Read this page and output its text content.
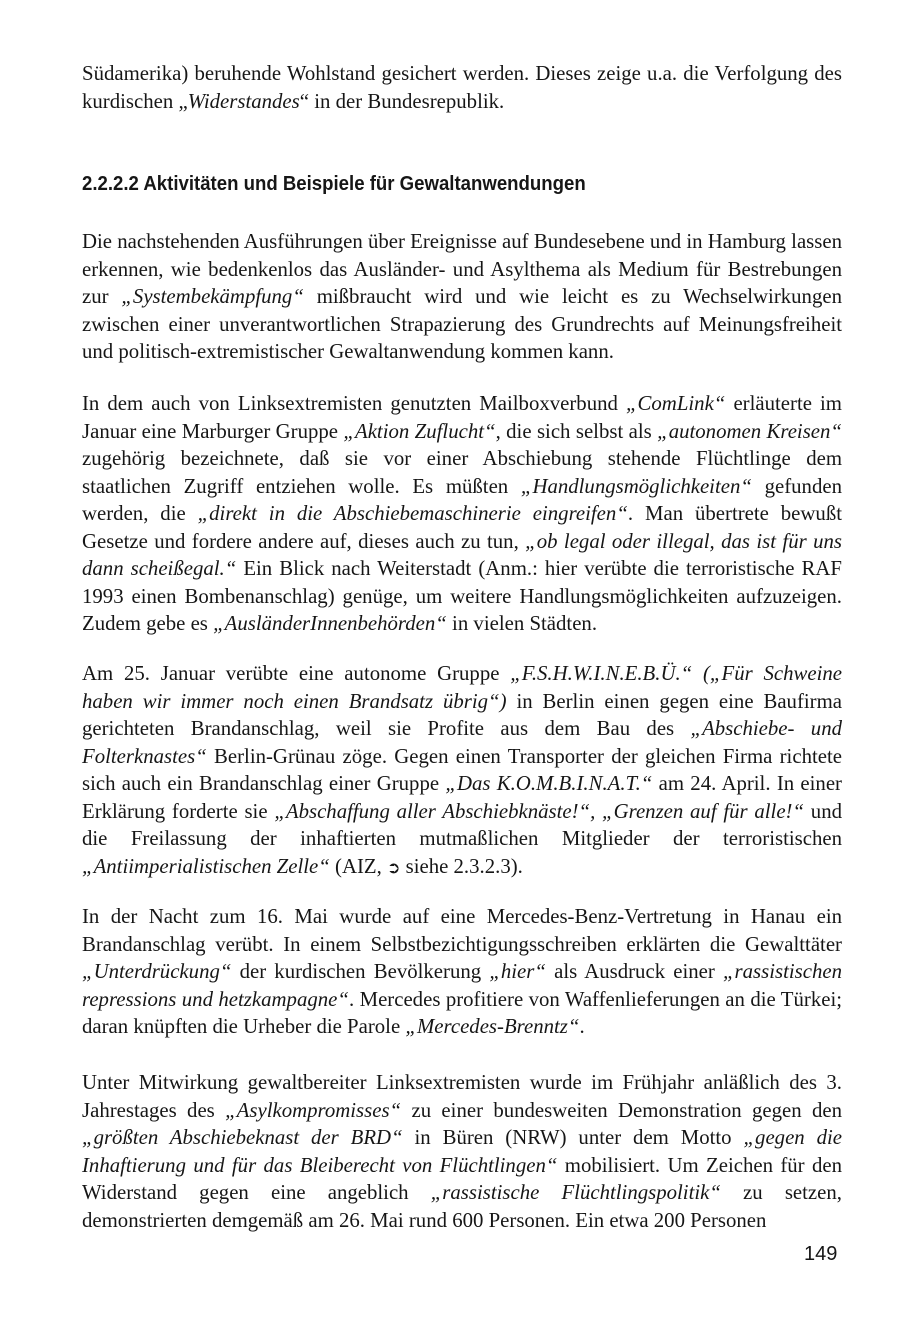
Südamerika) beruhende Wohlstand gesichert werden. Dieses zeige u.a. die Verfolgung des kurdischen „Widerstandes“ in der Bundesrepublik.

2.2.2.2 Aktivitäten und Beispiele für Gewaltanwendungen

Die nachstehenden Ausführungen über Ereignisse auf Bundesebene und in Hamburg lassen erkennen, wie bedenkenlos das Ausländer- und Asylthema als Medium für Bestrebungen zur „Systembekämpfung“ mißbraucht wird und wie leicht es zu Wechselwirkungen zwischen einer unverantwortlichen Strapazierung des Grundrechts auf Meinungsfreiheit und politisch-extremistischer Gewaltanwendung kommen kann.

In dem auch von Linksextremisten genutzten Mailboxverbund „ComLink“ erläuterte im Januar eine Marburger Gruppe „Aktion Zuflucht“, die sich selbst als „autonomen Kreisen“ zugehörig bezeichnete, daß sie vor einer Abschiebung stehende Flüchtlinge dem staatlichen Zugriff entziehen wolle. Es müßten „Handlungsmöglichkeiten“ gefunden werden, die „direkt in die Abschiebemaschinerie eingreifen“. Man übertrete bewußt Gesetze und fordere andere auf, dieses auch zu tun, „ob legal oder illegal, das ist für uns dann scheißegal.“ Ein Blick nach Weiterstadt (Anm.: hier verübte die terroristische RAF 1993 einen Bombenanschlag) genüge, um weitere Handlungsmöglichkeiten aufzuzeigen. Zudem gebe es „AusländerInnenbehörden“ in vielen Städten.

Am 25. Januar verübte eine autonome Gruppe „F.S.H.W.I.N.E.B.Ü.“ („Für Schweine haben wir immer noch einen Brandsatz übrig“) in Berlin einen gegen eine Baufirma gerichteten Brandanschlag, weil sie Profite aus dem Bau des „Abschiebe- und Folterknastes“ Berlin-Grünau zöge. Gegen einen Transporter der gleichen Firma richtete sich auch ein Brandanschlag einer Gruppe „Das K.O.M.B.I.N.A.T.“ am 24. April. In einer Erklärung forderte sie „Abschaffung aller Abschiebknäste!“, „Grenzen auf für alle!“ und die Freilassung der inhaftierten mutmaßlichen Mitglieder der terroristischen „Antiimperialistischen Zelle“ (AIZ, ➲ siehe 2.3.2.3).

In der Nacht zum 16. Mai wurde auf eine Mercedes-Benz-Vertretung in Hanau ein Brandanschlag verübt. In einem Selbstbezichtigungsschreiben erklärten die Gewalttäter „Unterdrückung“ der kurdischen Bevölkerung „hier“ als Ausdruck einer „rassistischen repressions und hetzkampagne“. Mercedes profitiere von Waffenlieferungen an die Türkei; daran knüpften die Urheber die Parole „Mercedes-Brenntz“.

Unter Mitwirkung gewaltbereiter Linksextremisten wurde im Frühjahr anläßlich des 3. Jahrestages des „Asylkompromisses“ zu einer bundesweiten Demonstration gegen den „größten Abschiebeknast der BRD“ in Büren (NRW) unter dem Motto „gegen die Inhaftierung und für das Bleiberecht von Flüchtlingen“ mobilisiert. Um Zeichen für den Widerstand gegen eine angeblich „rassistische Flüchtlingspolitik“ zu setzen, demonstrierten demgemäß am 26. Mai rund 600 Personen. Ein etwa 200 Personen

149
